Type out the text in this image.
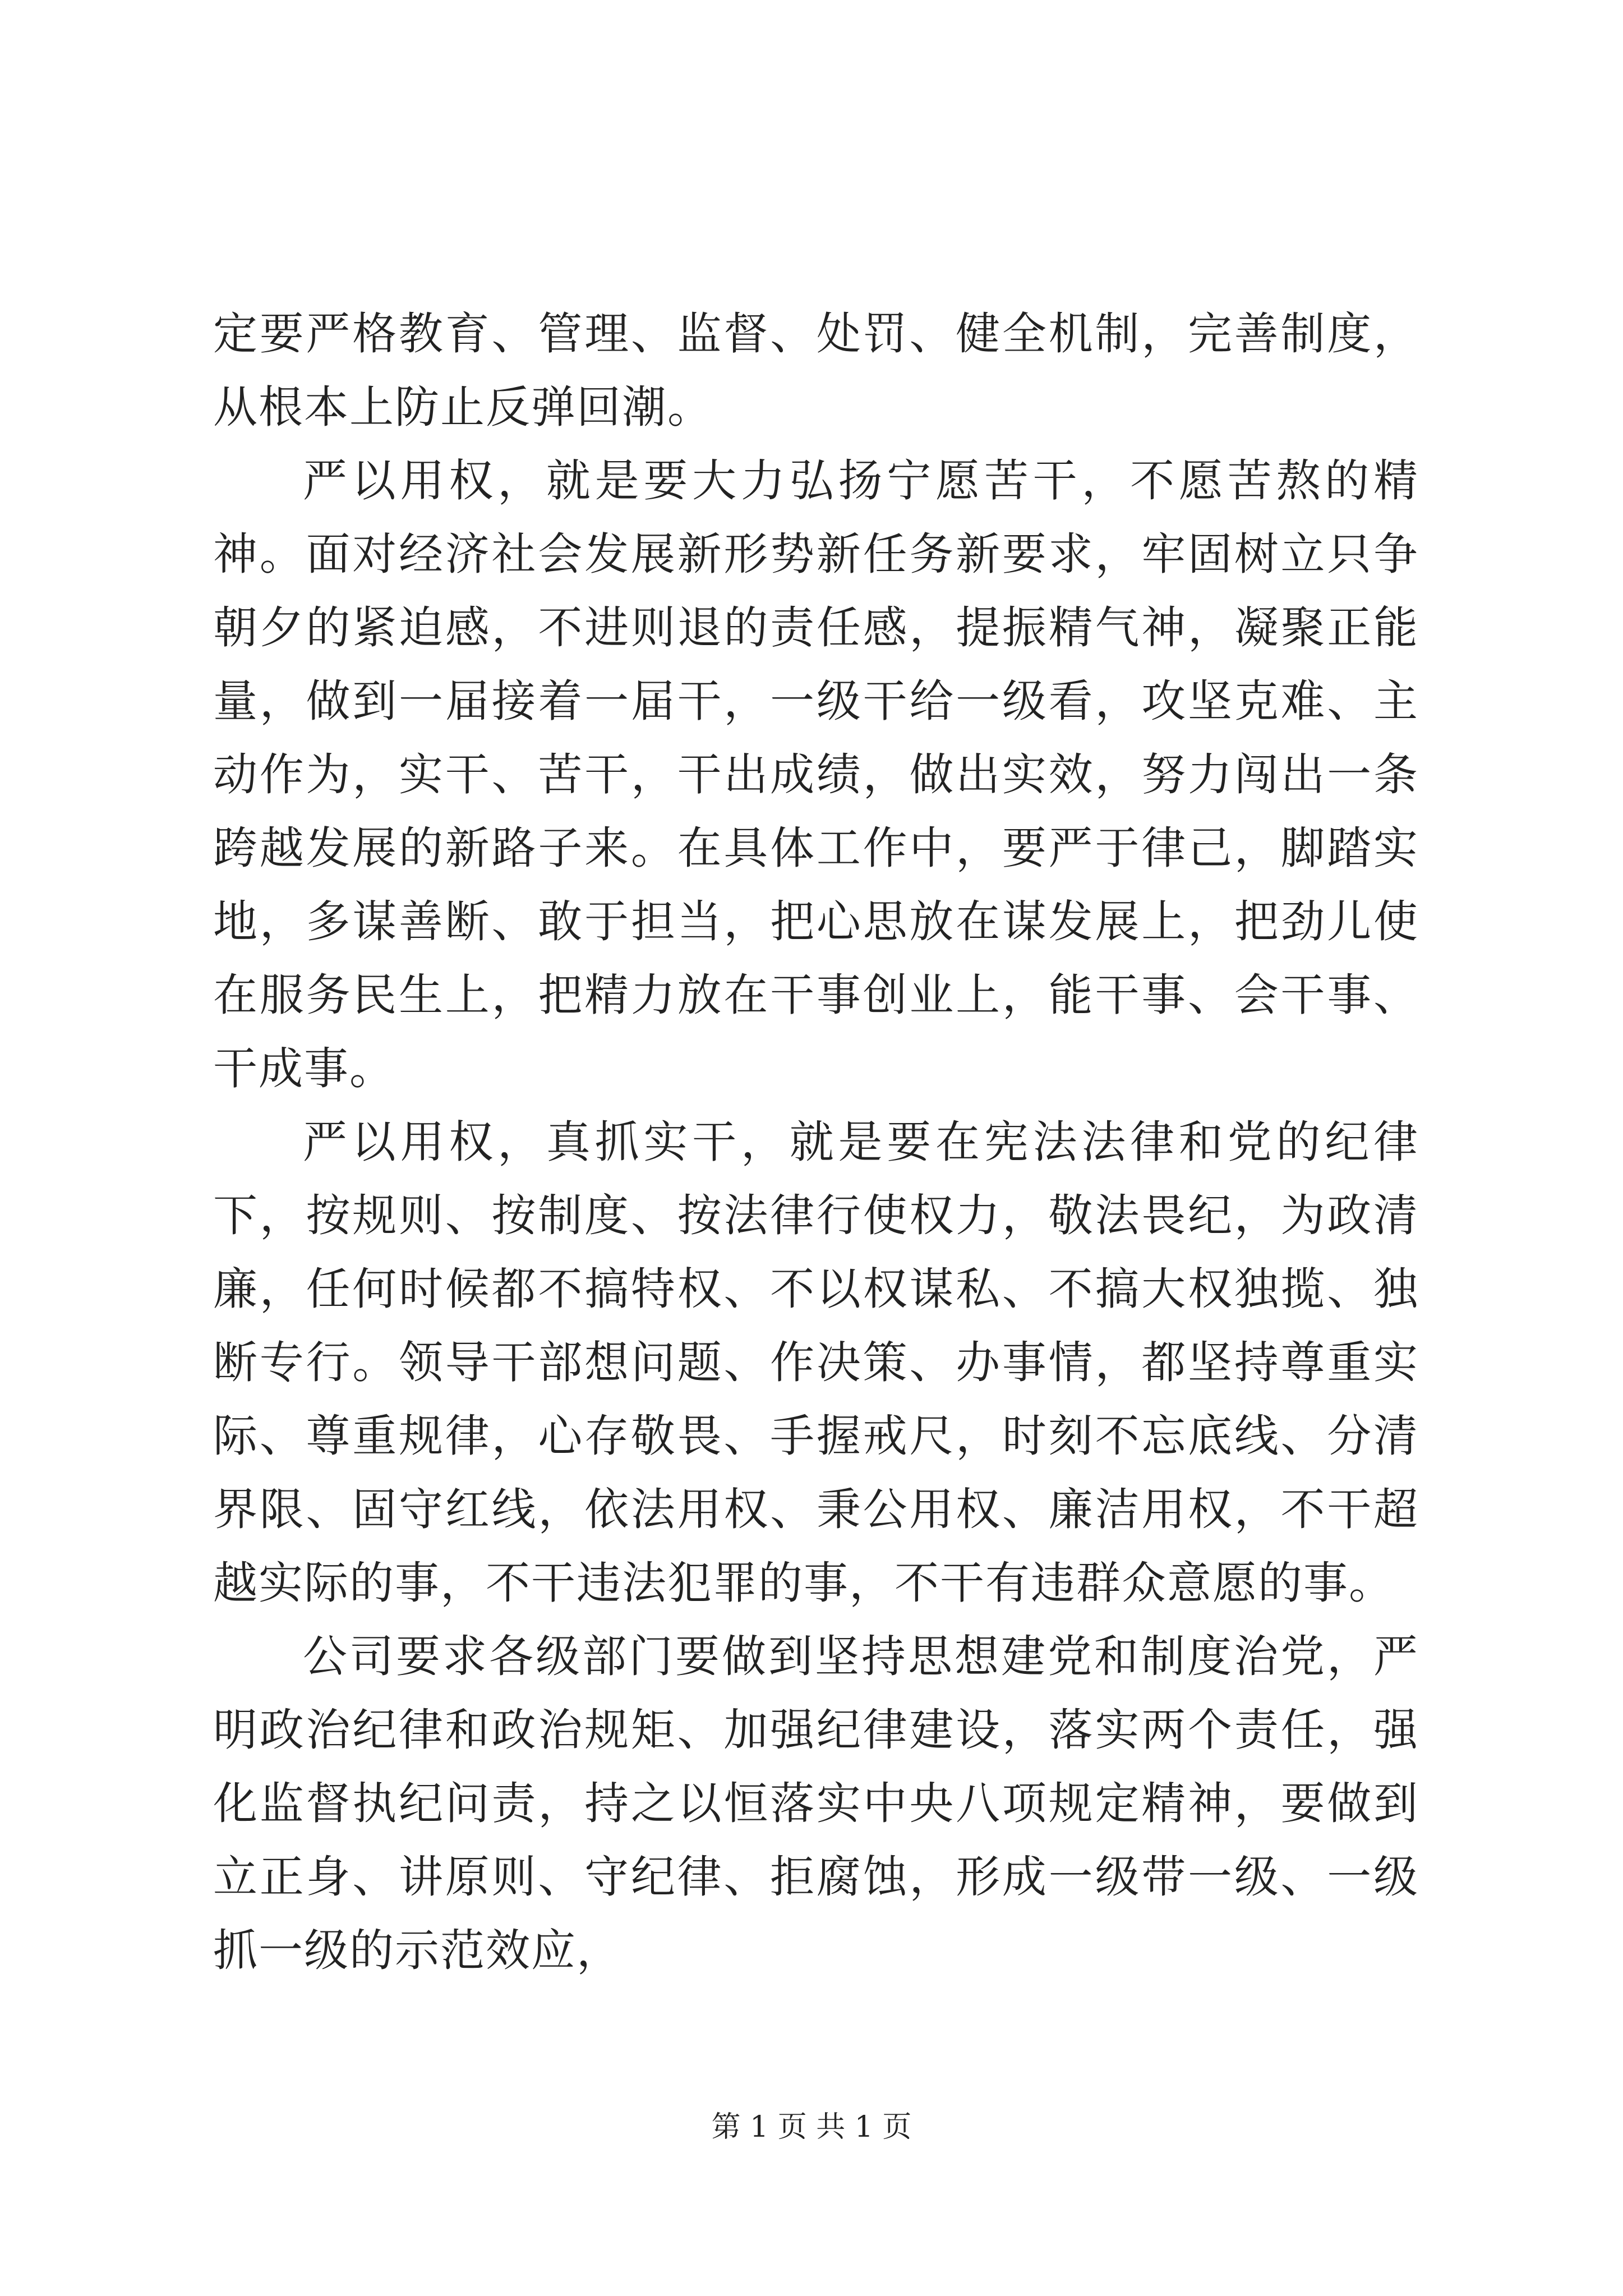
定要严格教育、管理、监督、处罚、健全机制，完善制度，从根本上防止反弹回潮。

严以用权，就是要大力弘扬宁愿苦干，不愿苦熬的精神。面对经济社会发展新形势新任务新要求，牢固树立只争朝夕的紧迫感，不进则退的责任感，提振精气神，凝聚正能量，做到一届接着一届干，一级干给一级看，攻坚克难、主动作为，实干、苦干，干出成绩，做出实效，努力闯出一条跨越发展的新路子来。在具体工作中，要严于律己，脚踏实地，多谋善断、敢于担当，把心思放在谋发展上，把劲儿使在服务民生上，把精力放在干事创业上，能干事、会干事、干成事。

严以用权，真抓实干，就是要在宪法法律和党的纪律下，按规则、按制度、按法律行使权力，敬法畏纪，为政清廉，任何时候都不搞特权、不以权谋私、不搞大权独揽、独断专行。领导干部想问题、作决策、办事情，都坚持尊重实际、尊重规律，心存敬畏、手握戒尺，时刻不忘底线、分清界限、固守红线，依法用权、秉公用权、廉洁用权，不干超越实际的事，不干违法犯罪的事，不干有违群众意愿的事。

公司要求各级部门要做到坚持思想建党和制度治党，严明政治纪律和政治规矩、加强纪律建设，落实两个责任，强化监督执纪问责，持之以恒落实中央八项规定精神，要做到立正身、讲原则、守纪律、拒腐蚀，形成一级带一级、一级抓一级的示范效应，

第 1 页 共 1 页
